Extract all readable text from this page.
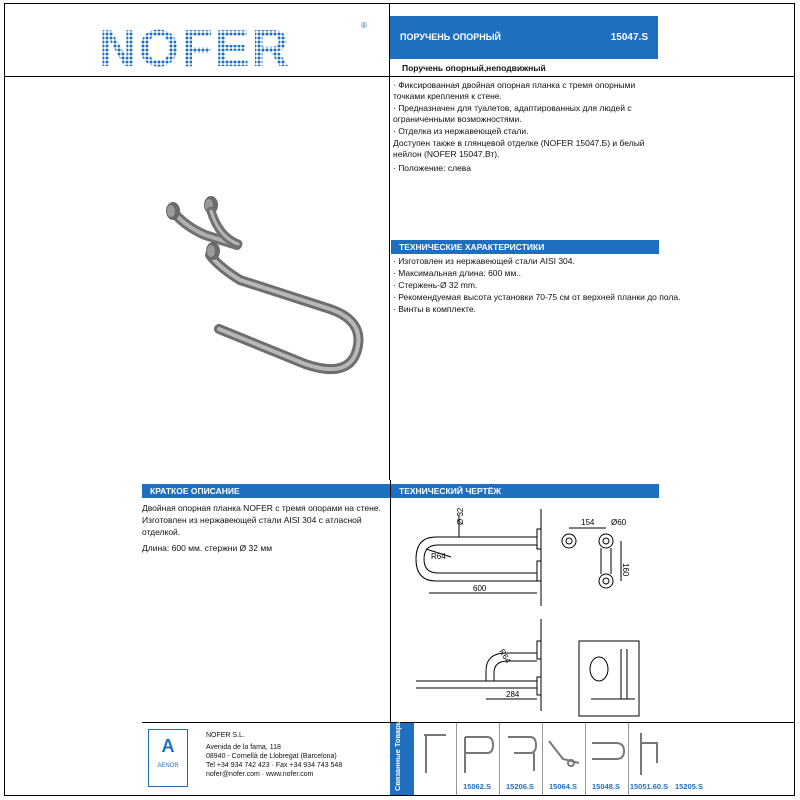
NOFER	®
ПОРУЧЕНЬ ОПОРНЫЙ	15047.S
Поручень опорный,неподвижный
· Фиксированная двойная опорная планка с тремя опорными точками крепления к стене.
· Предназначен для туалетов, адаптированных для людей с ограниченными возможностями.
· Отделка из нержавеющей стали.
Доступен также в глянцевой отделке (NOFER 15047.Б) и белый нейлон (NOFER 15047.Вт).
· Положение: слева
ТЕХНИЧЕСКИЕ ХАРАКТЕРИСТИКИ
· Изготовлен из нержавеющей стали AISI 304.
· Максимальная длина: 600 мм..
· Стержень-Ø 32 mm.
· Рекомендуемая высота установки 70-75 см от верхней планки до пола.
· Винты в комплекте.
КРАТКОЕ ОПИСАНИЕ
Двойная опорная планка NOFER с тремя опорами на стене.
Изготовлен из нержавеющей стали AISI 304 с атласной отделкой.
Длина: 600 мм. стержни Ø 32 мм
ТЕХНИЧЕСКИЙ ЧЕРТЁЖ
Ø 32
R64
600
154 Ø60
160
R64
284
A
AENOR
NOFER S.L.
Avenida de la fama, 118
08940 - Cornellà de Llobregat (Barcelona)
Tel +34 934 742 423 · Fax +34 934 743 548
nofer@nofer.com · www.nofer.com	Связанные Товары	15062.S	15206.S	15064.S	15048.S	15051.60.S 15205.S
